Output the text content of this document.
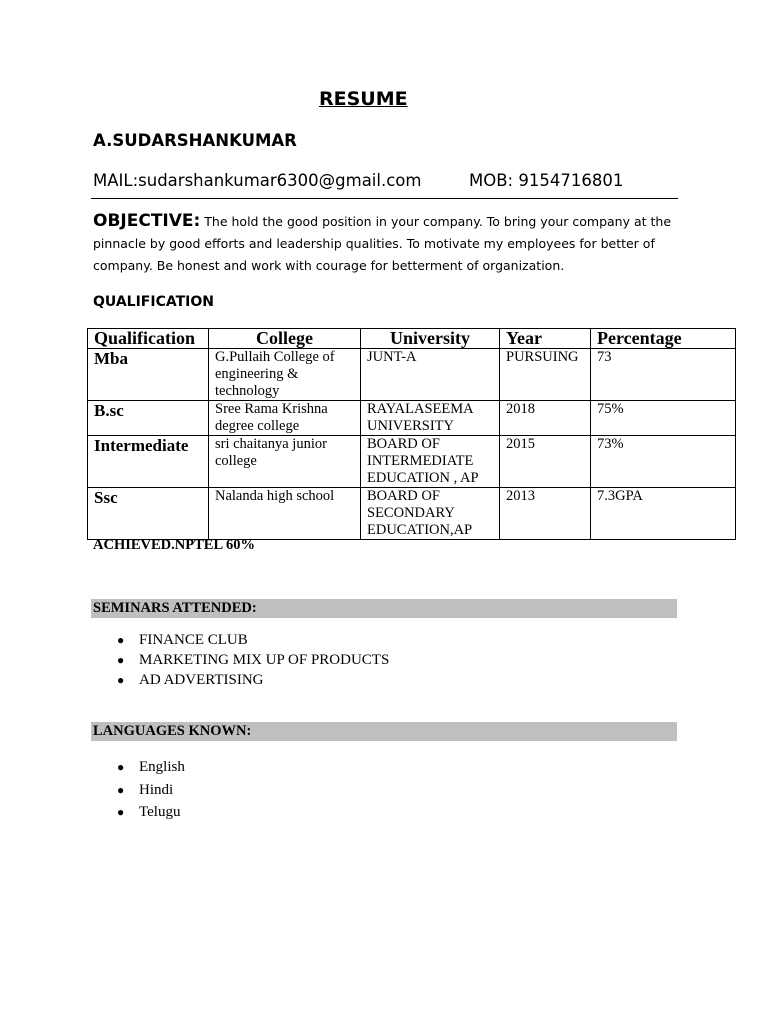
RESUME
A.SUDARSHANKUMAR
MAIL:sudarshankumar6300@gmail.com	MOB: 9154716801
OBJECTIVE: The hold the good position in your company. To bring your company at the pinnacle by good efforts and leadership qualities. To motivate my employees for better of company. Be honest and work with courage for betterment of organization.
QUALIFICATION
Qualification	College	University	Year	Percentage
Mba	G.Pullaih College of engineering & technology	JUNT-A	PURSUING	73
B.sc	Sree Rama Krishna degree college	RAYALASEEMA UNIVERSITY	2018	75%
Intermediate	sri chaitanya junior college	BOARD OF INTERMEDIATE EDUCATION , AP	2015	73%
Ssc	Nalanda high school	BOARD OF SECONDARY EDUCATION,AP	2013	7.3GPA
ACHIEVED.NPTEL 60%
SEMINARS ATTENDED:
● FINANCE CLUB
● MARKETING MIX UP OF PRODUCTS
● AD ADVERTISING
LANGUAGES KNOWN:
● English
● Hindi
● Telugu
